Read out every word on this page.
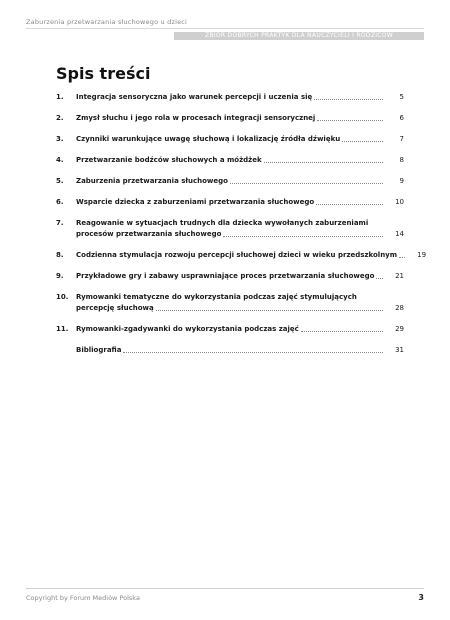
Zaburzenia przetwarzania słuchowego u dzieci
ZBIÓR DOBRYCH PRAKTYK DLA NAUCZYCIELI I RODZICÓW
Spis treści
1.	Integracja sensoryczna jako warunek percepcji i uczenia się	5
2.	Zmysł słuchu i jego rola w procesach integracji sensorycznej	6
3.	Czynniki warunkujące uwagę słuchową i lokalizację źródła dźwięku	7
4.	Przetwarzanie bodźców słuchowych a móżdżek	8
5.	Zaburzenia przetwarzania słuchowego	9
6.	Wsparcie dziecka z zaburzeniami przetwarzania słuchowego	10
7.	Reagowanie w sytuacjach trudnych dla dziecka wywołanych zaburzeniami
procesów przetwarzania słuchowego	14
8.	Codzienna stymulacja rozwoju percepcji słuchowej dzieci w wieku przedszkolnym	19
9.	Przykładowe gry i zabawy usprawniające proces przetwarzania słuchowego	21
10.	Rymowanki tematyczne do wykorzystania podczas zajęć stymulujących
percepcję słuchową	28
11.	Rymowanki-zgadywanki do wykorzystania podczas zajęć	29
Bibliografia	31
Copyright by Forum Mediów Polska	3
